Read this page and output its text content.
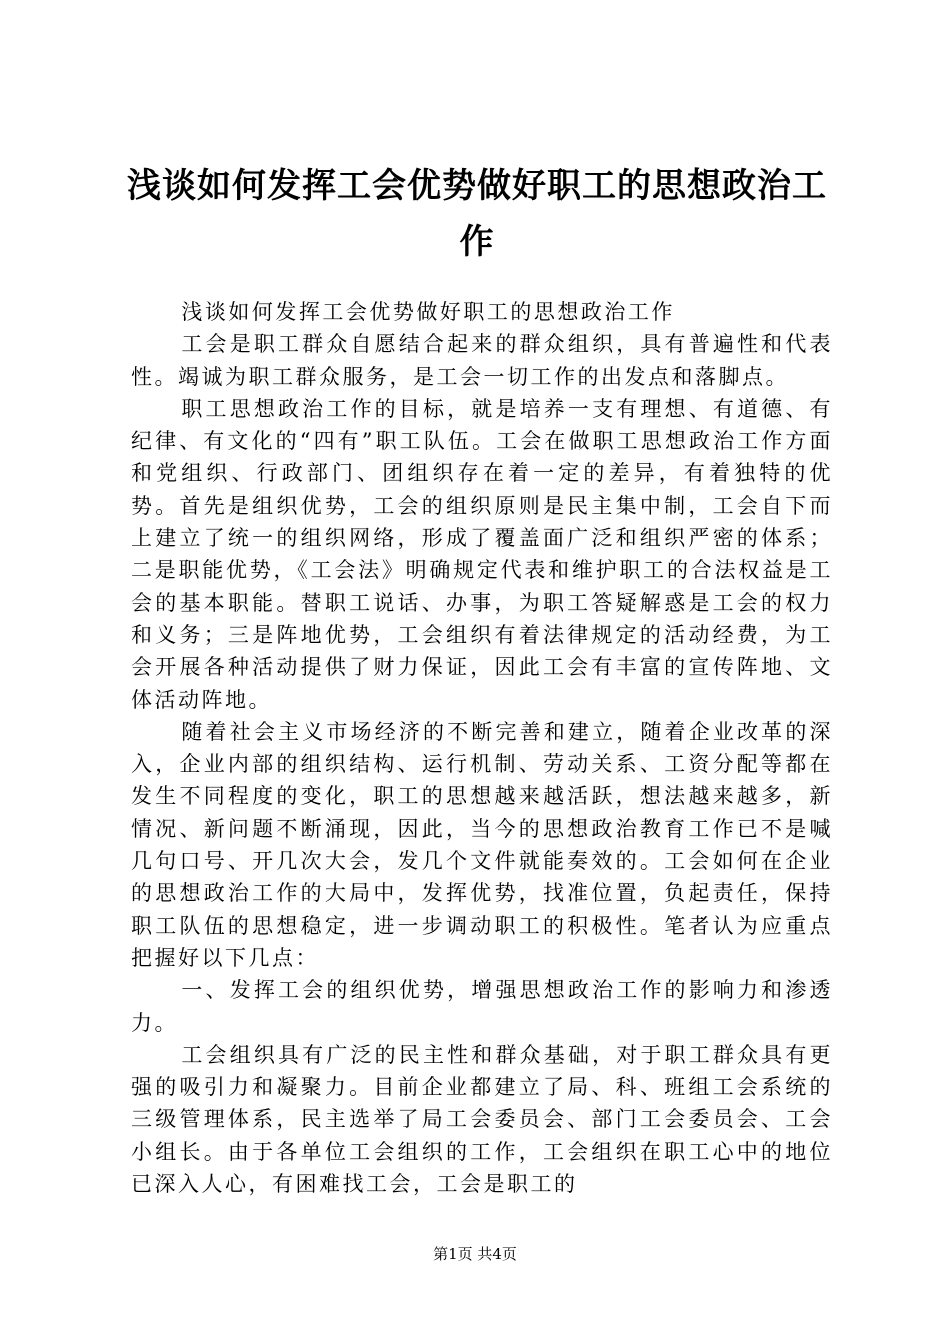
浅谈如何发挥工会优势做好职工的思想政治工作

浅谈如何发挥工会优势做好职工的思想政治工作

工会是职工群众自愿结合起来的群众组织，具有普遍性和代表性。竭诚为职工群众服务，是工会一切工作的出发点和落脚点。

职工思想政治工作的目标，就是培养一支有理想、有道德、有纪律、有文化的“四有”职工队伍。工会在做职工思想政治工作方面和党组织、行政部门、团组织存在着一定的差异，有着独特的优势。首先是组织优势，工会的组织原则是民主集中制，工会自下而上建立了统一的组织网络，形成了覆盖面广泛和组织严密的体系；二是职能优势，《工会法》明确规定代表和维护职工的合法权益是工会的基本职能。替职工说话、办事，为职工答疑解惑是工会的权力和义务；三是阵地优势，工会组织有着法律规定的活动经费，为工会开展各种活动提供了财力保证，因此工会有丰富的宣传阵地、文体活动阵地。

随着社会主义市场经济的不断完善和建立，随着企业改革的深入，企业内部的组织结构、运行机制、劳动关系、工资分配等都在发生不同程度的变化，职工的思想越来越活跃，想法越来越多，新情况、新问题不断涌现，因此，当今的思想政治教育工作已不是喊几句口号、开几次大会，发几个文件就能奏效的。工会如何在企业的思想政治工作的大局中，发挥优势，找准位置，负起责任，保持职工队伍的思想稳定，进一步调动职工的积极性。笔者认为应重点把握好以下几点：

一、发挥工会的组织优势，增强思想政治工作的影响力和渗透力。

工会组织具有广泛的民主性和群众基础，对于职工群众具有更强的吸引力和凝聚力。目前企业都建立了局、科、班组工会系统的三级管理体系，民主选举了局工会委员会、部门工会委员会、工会小组长。由于各单位工会组织的工作，工会组织在职工心中的地位已深入人心，有困难找工会，工会是职工的

第1页 共4页
